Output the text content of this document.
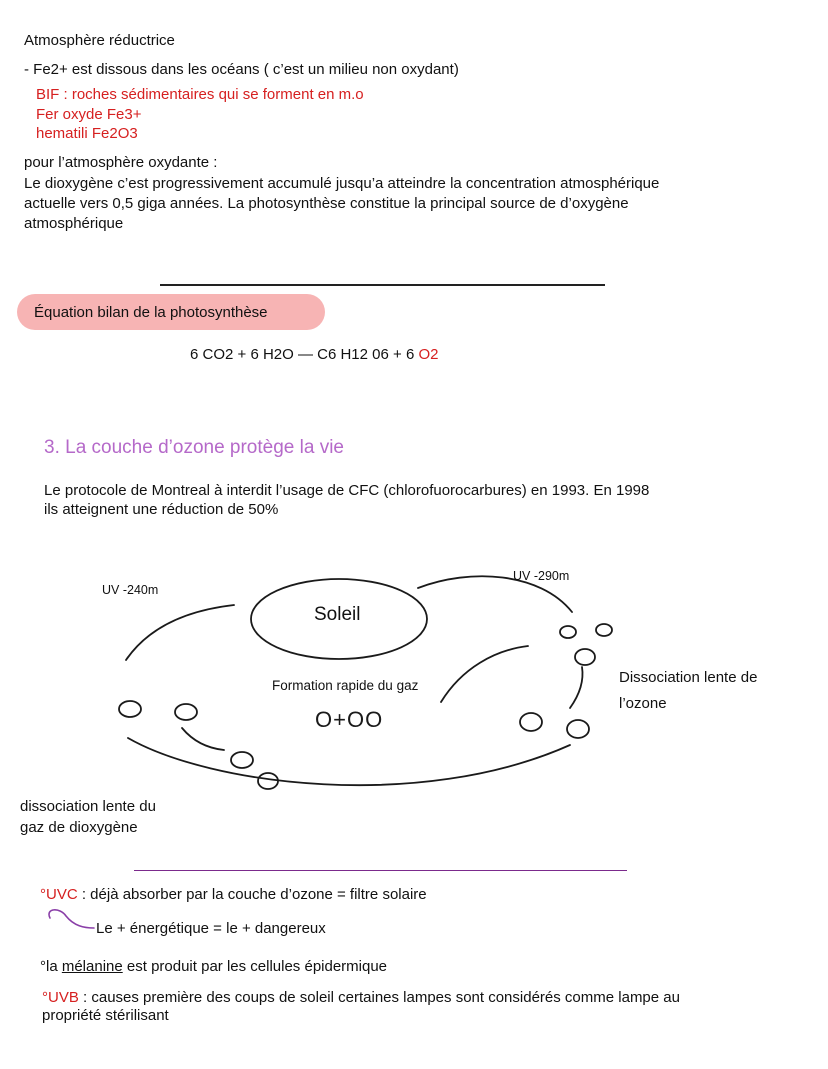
Atmosphère réductrice
- Fe2+ est dissous dans les océans ( c’est un milieu non oxydant)
BIF : roches sédimentaires qui se forment en m.o
Fer oxyde Fe3+
hematili Fe2O3
pour l’atmosphère oxydante :
Le dioxygène c’est progressivement accumulé jusqu’a atteindre la concentration atmosphérique
actuelle vers 0,5 giga années. La photosynthèse constitue la principal source de d’oxygène
atmosphérique
Équation bilan de la photosynthèse
6 CO2 + 6 H2O — C6 H12 06 + 6 O2
3. La couche d’ozone protège la vie
Le protocole de Montreal à interdit l’usage de CFC (chlorofuorocarbures) en 1993. En 1998
ils atteignent une réduction de 50%
UV -240m
UV -290m
Soleil
Formation rapide du gaz
O+OO
Dissociation lente de
l’ozone
dissociation lente du
gaz de dioxygène
°UVC : déjà absorber par la couche d’ozone = filtre solaire
Le + énergétique = le + dangereux
°la mélanine est produit par les cellules épidermique
°UVB : causes première des coups de soleil certaines lampes sont considérés comme lampe au
propriété stérilisant
